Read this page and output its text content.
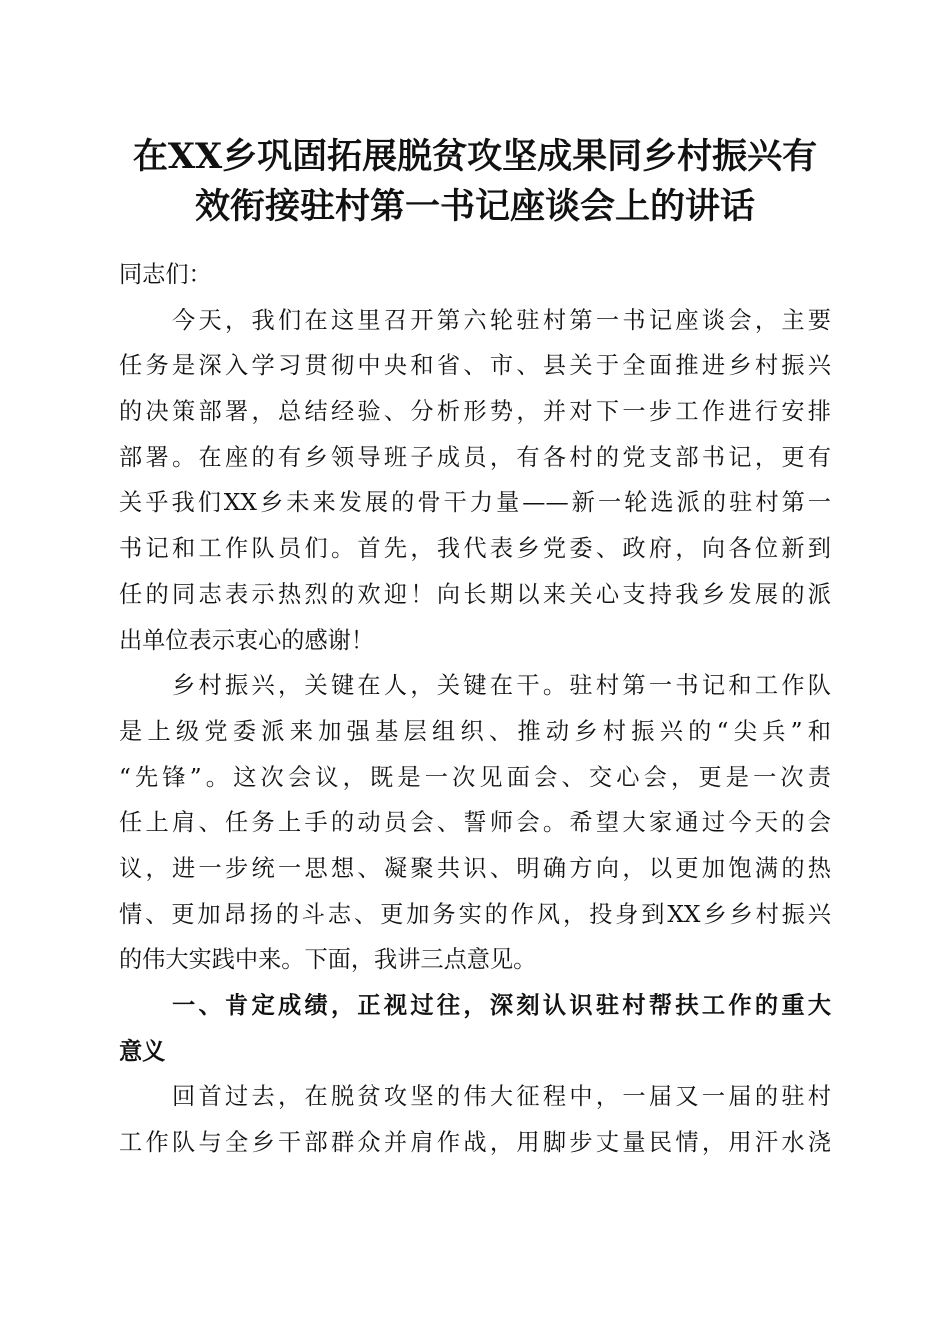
在XX乡巩固拓展脱贫攻坚成果同乡村振兴有
效衔接驻村第一书记座谈会上的讲话

同志们：

　　今天，我们在这里召开第六轮驻村第一书记座谈会，主要
任务是深入学习贯彻中央和省、市、县关于全面推进乡村振兴
的决策部署，总结经验、分析形势，并对下一步工作进行安排
部署。在座的有乡领导班子成员，有各村的党支部书记，更有
关乎我们XX乡未来发展的骨干力量——新一轮选派的驻村第一
书记和工作队员们。首先，我代表乡党委、政府，向各位新到
任的同志表示热烈的欢迎！向长期以来关心支持我乡发展的派
出单位表示衷心的感谢！

　　乡村振兴，关键在人，关键在干。驻村第一书记和工作队
是上级党委派来加强基层组织、推动乡村振兴的“尖兵”和
“先锋”。这次会议，既是一次见面会、交心会，更是一次责
任上肩、任务上手的动员会、誓师会。希望大家通过今天的会
议，进一步统一思想、凝聚共识、明确方向，以更加饱满的热
情、更加昂扬的斗志、更加务实的作风，投身到XX乡乡村振兴
的伟大实践中来。下面，我讲三点意见。

　　一、肯定成绩，正视过往，深刻认识驻村帮扶工作的重大
意义

　　回首过去，在脱贫攻坚的伟大征程中，一届又一届的驻村
工作队与全乡干部群众并肩作战，用脚步丈量民情，用汗水浇
